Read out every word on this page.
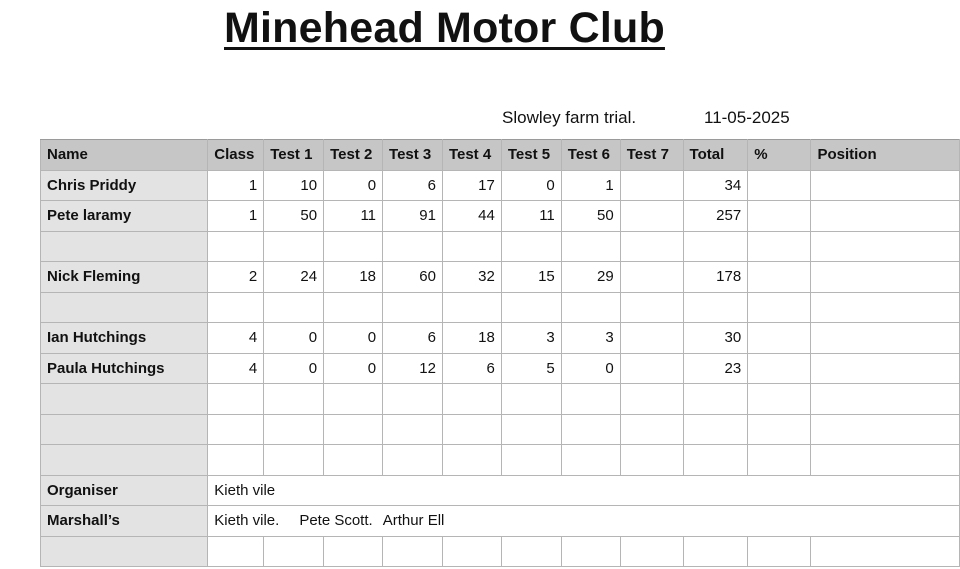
Minehead Motor Club
Slowley farm trial.	11-05-2025
Name	Class	Test 1	Test 2	Test 3	Test 4	Test 5	Test 6	Test 7	Total	%	Position
Chris Priddy	1	10	0	6	17	0	1		34		
Pete laramy	1	50	11	91	44	11	50		257		

Nick Fleming	2	24	18	60	32	15	29		178		

Ian Hutchings	4	0	0	6	18	3	3		30		
Paula Hutchings	4	0	0	12	6	5	0		23		

Organiser	Kieth vile										
Marshall’s	Kieth vile. Pete Scott. Arthur Ell										
